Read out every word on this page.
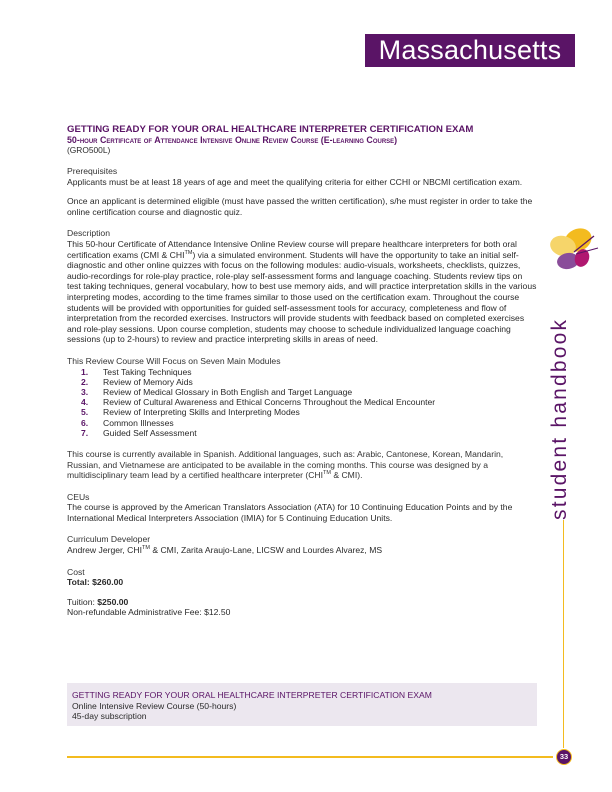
Massachusetts
GETTING READY FOR YOUR ORAL HEALTHCARE INTERPRETER CERTIFICATION EXAM
50-hour Certificate of Attendance Intensive Online Review Course (E-learning Course)
(GRO500L)
Prerequisites

Applicants must be at least 18 years of age and meet the qualifying criteria for either CCHI or NBCMI certification exam.

Once an applicant is determined eligible (must have passed the written certification), s/he must register in order to take the online certification course and diagnostic quiz.

Description

This 50-hour Certificate of Attendance Intensive Online Review course will prepare healthcare interpreters for both oral certification exams (CMI & CHI™) via a simulated environment. Students will have the opportunity to take an initial self-diagnostic and other online quizzes with focus on the following modules: audio-visuals, worksheets, checklists, quizzes, audio-recordings for role-play practice, role-play self-assessment forms and language coaching. Students review tips on test taking techniques, general vocabulary, how to best use memory aids, and will practice interpretation skills in the various interpreting modes, according to the time frames similar to those used on the certification exam. Throughout the course students will be provided with opportunities for guided self-assessment tools for accuracy, completeness and flow of interpretation from the recorded exercises. Instructors will provide students with feedback based on completed exercises and role-play sessions. Upon course completion, students may choose to schedule individualized language coaching sessions (up to 2-hours) to review and practice interpreting skills in areas of need.

This Review Course Will Focus on Seven Main Modules
1.	Test Taking Techniques
2.	Review of Memory Aids
3.	Review of Medical Glossary in Both English and Target Language
4.	Review of Cultural Awareness and Ethical Concerns Throughout the Medical Encounter
5.	Review of Interpreting Skills and Interpreting Modes
6.	Common Illnesses
7.	Guided Self Assessment

This course is currently available in Spanish. Additional languages, such as: Arabic, Cantonese, Korean, Mandarin, Russian, and Vietnamese are anticipated to be available in the coming months. This course was designed by a multidisciplinary team lead by a certified healthcare interpreter (CHI™ & CMI).

CEUs

The course is approved by the American Translators Association (ATA) for 10 Continuing Education Points and by the International Medical Interpreters Association (IMIA) for 5 Continuing Education Units.

Curriculum Developer

Andrew Jerger, CHI™ & CMI, Zarita Araujo-Lane, LICSW and Lourdes Alvarez, MS

Cost
Total: $260.00
Tuition: $250.00
Non-refundable Administrative Fee: $12.50
GETTING READY FOR YOUR ORAL HEALTHCARE INTERPRETER CERTIFICATION EXAM
Online Intensive Review Course (50-hours)
45-day subscription
student handbook
33
